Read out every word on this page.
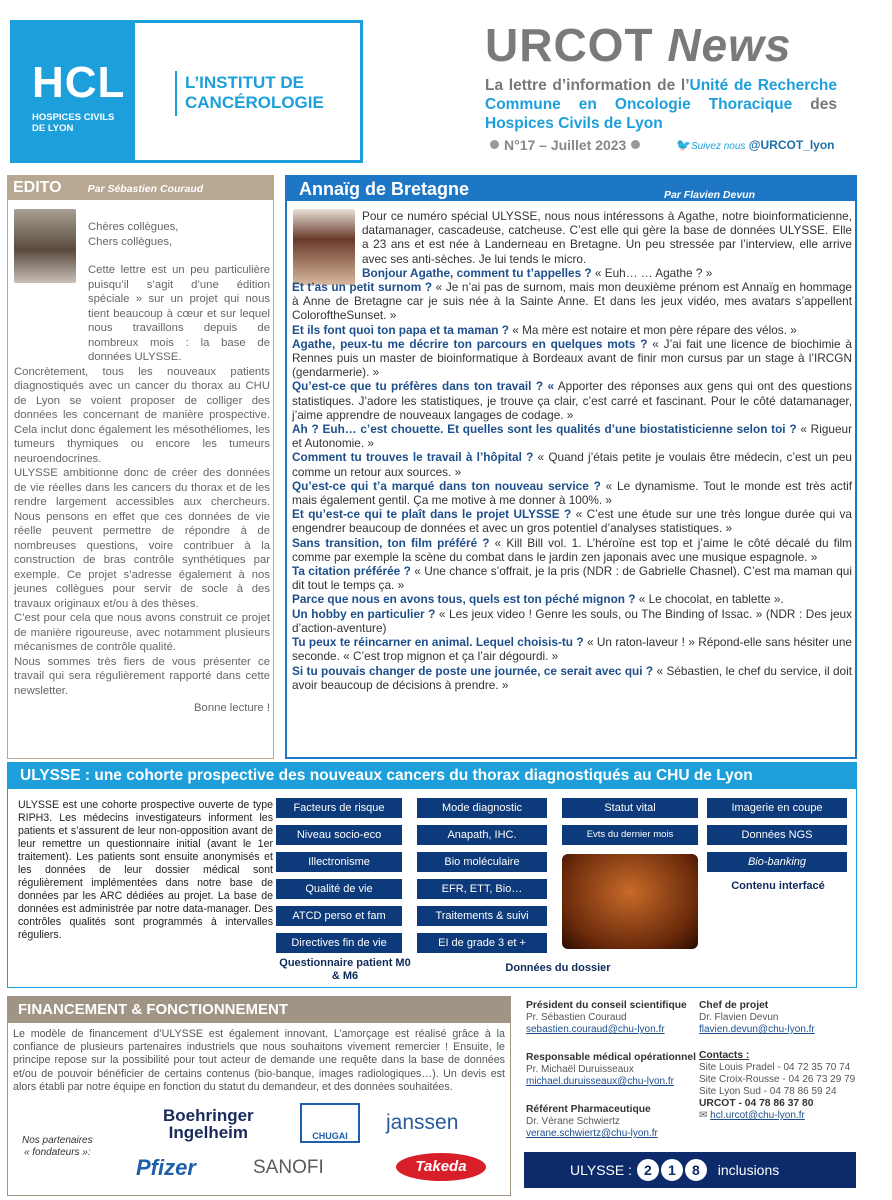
HCL
HOSPICES CIVILS
DE LYON
L’INSTITUT DE
CANCÉROLOGIE
URCOT News
La lettre d’information de l’Unité de Recherche Commune en Oncologie Thoracique des Hospices Civils de Lyon
N°17 – Juillet 2023	🐦Suivez nous @URCOT_lyon
EDITO Par Sébastien Couraud
Chères collègues,
Chers collègues,
Cette lettre est un peu particulière puisqu’il s’agit d’une édition spéciale » sur un projet qui nous tient beaucoup à cœur et sur lequel nous travaillons depuis de nombreux mois : la base de données ULYSSE.
Concrètement, tous les nouveaux patients diagnostiqués avec un cancer du thorax au CHU de Lyon se voient proposer de colliger des données les concernant de manière prospective. Cela inclut donc également les mésothéliomes, les tumeurs thymiques ou encore les tumeurs neuroendocrines.
ULYSSE ambitionne donc de créer des données de vie réelles dans les cancers du thorax et de les rendre largement accessibles aux chercheurs. Nous pensons en effet que ces données de vie réelle peuvent permettre de répondre à de nombreuses questions, voire contribuer à la construction de bras contrôle synthétiques par exemple. Ce projet s’adresse également à nos jeunes collègues pour servir de socle à des travaux originaux et/ou à des thèses.
C’est pour cela que nous avons construit ce projet de manière rigoureuse, avec notamment plusieurs mécanismes de contrôle qualité.
Nous sommes très fiers de vous présenter ce travail qui sera régulièrement rapporté dans cette newsletter.
Bonne lecture !
Annaïg de Bretagne	Par Flavien Devun
Pour ce numéro spécial ULYSSE, nous nous intéressons à Agathe, notre bioinformaticienne, datamanager, cascadeuse, catcheuse. C’est elle qui gère la base de données ULYSSE. Elle a 23 ans et est née à Landerneau en Bretagne. Un peu stressée par l’interview, elle arrive avec ses anti-sèches. Je lui tends le micro.
Bonjour Agathe, comment tu t’appelles ? « Euh… … Agathe ? »
Et t’as un petit surnom ? « Je n’ai pas de surnom, mais mon deuxième prénom est Annaïg en hommage à Anne de Bretagne car je suis née à la Sainte Anne. Et dans les jeux vidéo, mes avatars s’appellent ColoroftheSunset. »
Et ils font quoi ton papa et ta maman ? « Ma mère est notaire et mon père répare des vélos. »
Agathe, peux-tu me décrire ton parcours en quelques mots ? « J’ai fait une licence de biochimie à Rennes puis un master de bioinformatique à Bordeaux avant de finir mon cursus par un stage à l’IRCGN (gendarmerie). »
Qu’est-ce que tu préfères dans ton travail ? « Apporter des réponses aux gens qui ont des questions statistiques. J’adore les statistiques, je trouve ça clair, c’est carré et fascinant. Pour le côté datamanager, j’aime apprendre de nouveaux langages de codage. »
Ah ? Euh… c’est chouette. Et quelles sont les qualités d’une biostatisticienne selon toi ? « Rigueur et Autonomie. »
Comment tu trouves le travail à l’hôpital ? « Quand j’étais petite je voulais être médecin, c’est un peu comme un retour aux sources. »
Qu’est-ce qui t’a marqué dans ton nouveau service ? « Le dynamisme. Tout le monde est très actif mais également gentil. Ça me motive à me donner à 100%. »
Et qu’est-ce qui te plaît dans le projet ULYSSE ? « C’est une étude sur une très longue durée qui va engendrer beaucoup de données et avec un gros potentiel d’analyses statistiques. »
Sans transition, ton film préféré ? « Kill Bill vol. 1. L’héroïne est top et j’aime le côté décalé du film comme par exemple la scène du combat dans le jardin zen japonais avec une musique espagnole. »
Ta citation préférée ? « Une chance s’offrait, je la pris (NDR : de Gabrielle Chasnel). C’est ma maman qui dit tout le temps ça. »
Parce que nous en avons tous, quels est ton péché mignon ? « Le chocolat, en tablette ».
Un hobby en particulier ? « Les jeux video ! Genre les souls, ou The Binding of Issac. » (NDR : Des jeux d’action-aventure)
Tu peux te réincarner en animal. Lequel choisis-tu ? « Un raton-laveur ! » Répond-elle sans hésiter une seconde. « C’est trop mignon et ça l’air dégourdi. »
Si tu pouvais changer de poste une journée, ce serait avec qui ? « Sébastien, le chef du service, il doit avoir beaucoup de décisions à prendre. »
ULYSSE : une cohorte prospective des nouveaux cancers du thorax diagnostiqués au CHU de Lyon
ULYSSE est une cohorte prospective ouverte de type RIPH3. Les médecins investigateurs informent les patients et s’assurent de leur non-opposition avant de leur remettre un questionnaire initial (avant le 1er traitement). Les patients sont ensuite anonymisés et les données de leur dossier médical sont régulièrement implémentées dans notre base de données par les ARC dédiées au projet. La base de données est administrée par notre data-manager. Des contrôles qualités sont programmés à intervalles réguliers.
Facteurs de risque
Niveau socio-eco
Illectronisme
Qualité de vie
ATCD perso et fam
Directives fin de vie
Mode diagnostic
Anapath, IHC.
Bio moléculaire
EFR, ETT, Bio…
Traitements & suivi
EI de grade 3 et +
Statut vital
Evts du dernier mois
Imagerie en coupe
Données NGS
Bio-banking
Questionnaire patient M0 & M6
Données du dossier
Contenu interfacé
FINANCEMENT & FONCTIONNEMENT
Le modèle de financement d’ULYSSE est également innovant. L’amorçage est réalisé grâce à la confiance de plusieurs partenaires industriels que nous souhaitons vivement remercier ! Ensuite, le principe repose sur la possibilité pour tout acteur de demande une requête dans la base de données et/ou de pouvoir bénéficier de certains contenus (bio-banque, images radiologiques…). Un devis est alors établi par notre équipe en fonction du statut du demandeur, et des données souhaitées.
Nos partenaires
« fondateurs »:
Boehringer
Ingelheim	CHUGAI
janssen
Pfizer	SANOFI	Takeda
Président du conseil scientifique
Pr. Sébastien Couraud
sebastien.couraud@chu-lyon.fr
Responsable médical opérationnel
Pr. Michaël Duruisseaux
michael.duruisseaux@chu-lyon.fr
Référent Pharmaceutique
Dr. Vérane Schwiertz
verane.schwiertz@chu-lyon.fr
Chef de projet
Dr. Flavien Devun
flavien.devun@chu-lyon.fr
Contacts :
Site Louis Pradel - 04 72 35 70 74
Site Croix-Rousse - 04 26 73 29 79
Site Lyon Sud - 04 78 86 59 24
URCOT - 04 78 86 37 80
✉ hcl.urcot@chu-lyon.fr
ULYSSE : 2 1 8 inclusions
